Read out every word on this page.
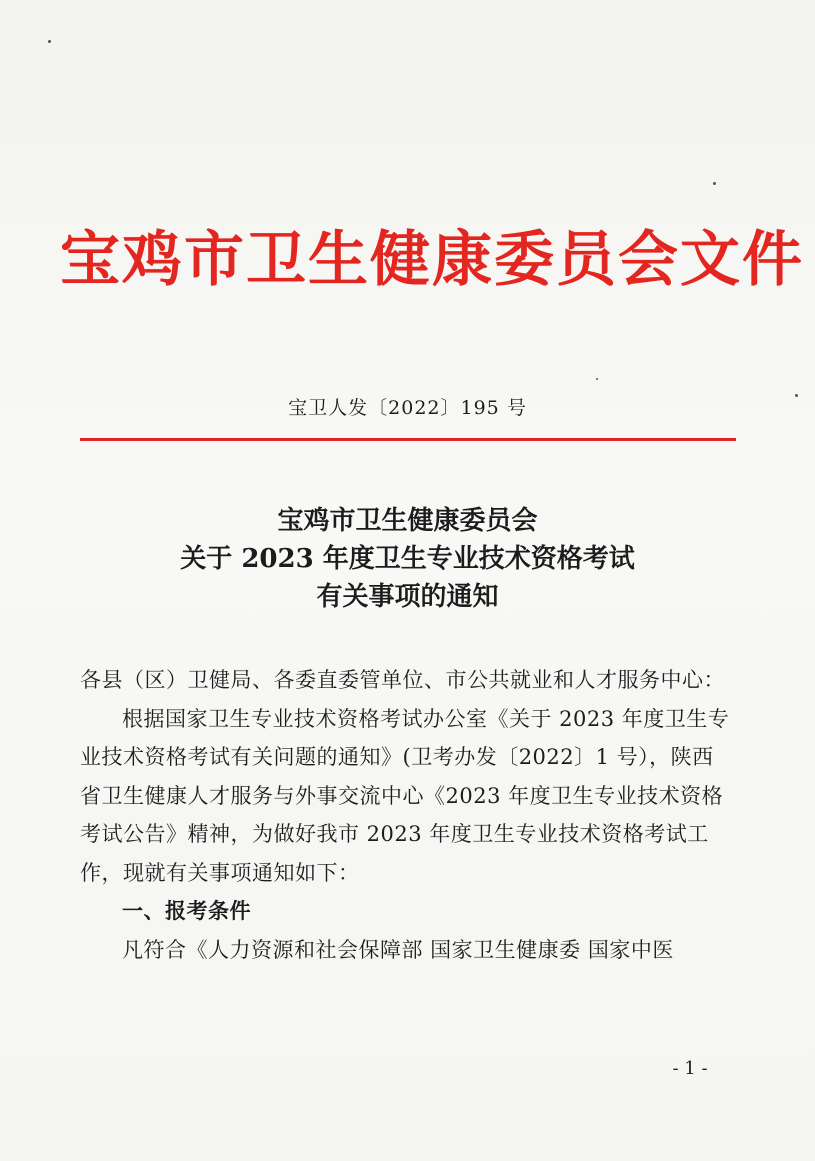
宝鸡市卫生健康委员会文件
宝卫人发〔2022〕195 号
宝鸡市卫生健康委员会
关于 2023 年度卫生专业技术资格考试
有关事项的通知

各县（区）卫健局、各委直委管单位、市公共就业和人才服务中心：

根据国家卫生专业技术资格考试办公室《关于 2023 年度卫生专业技术资格考试有关问题的通知》(卫考办发〔2022〕1 号），陕西省卫生健康人才服务与外事交流中心《2023 年度卫生专业技术资格考试公告》精神，为做好我市 2023 年度卫生专业技术资格考试工作，现就有关事项通知如下：

一、报考条件

凡符合《人力资源和社会保障部 国家卫生健康委 国家中医

- 1 -
